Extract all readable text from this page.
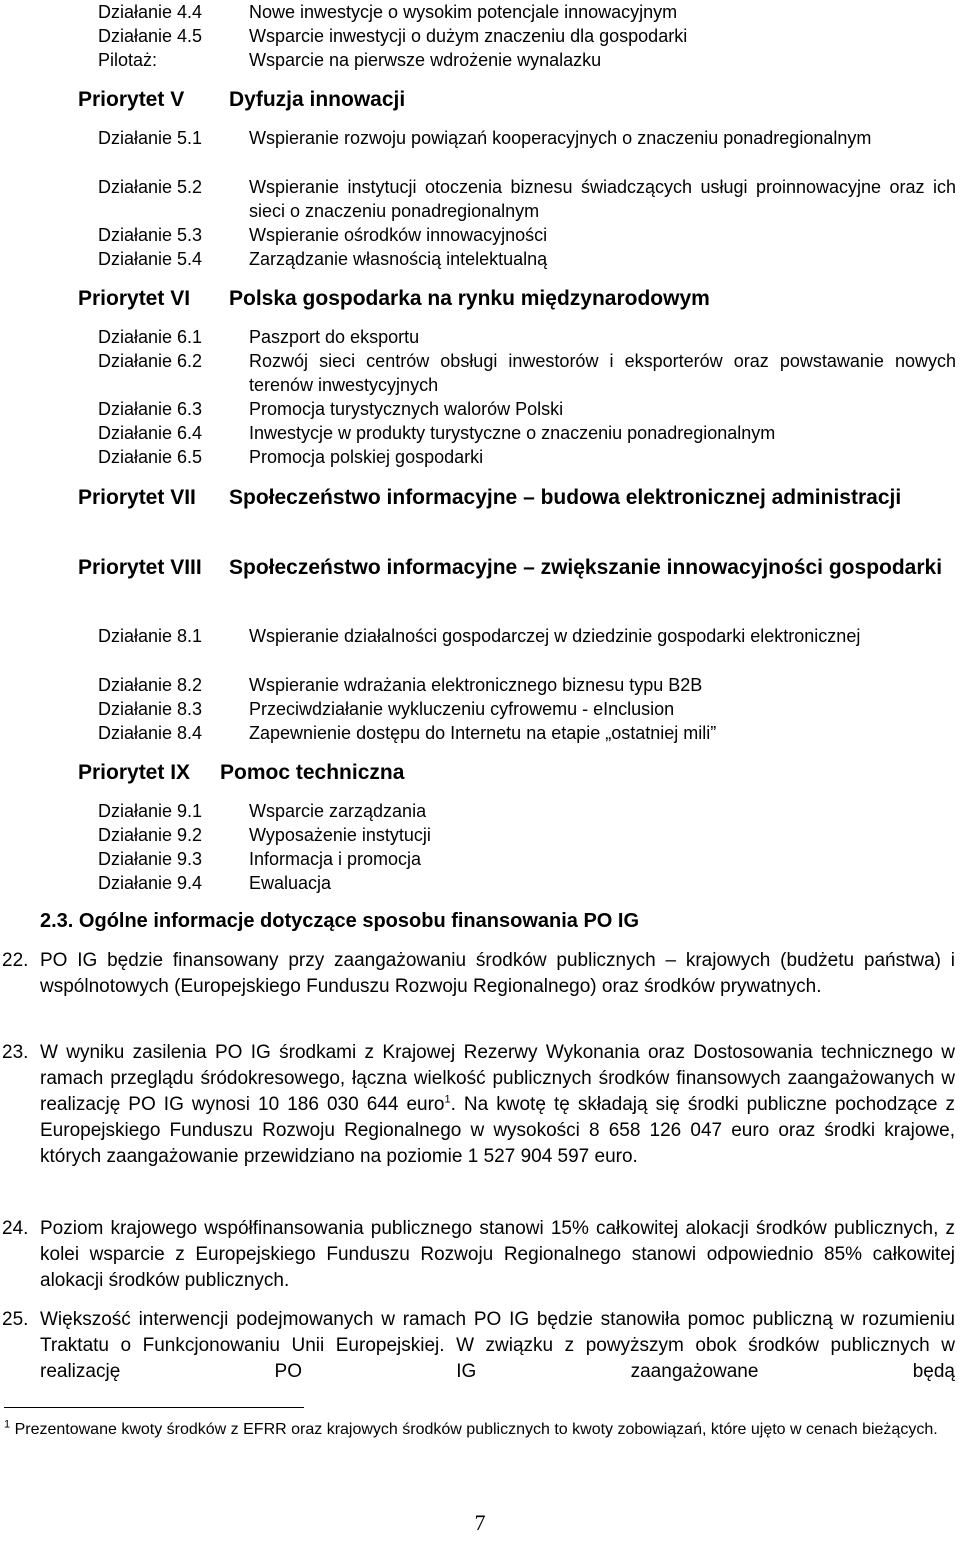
Działanie 4.4	Nowe inwestycje o wysokim potencjale innowacyjnym
Działanie 4.5	Wsparcie inwestycji o dużym znaczeniu dla gospodarki
Pilotaż:	Wsparcie na pierwsze wdrożenie wynalazku
Priorytet V Dyfuzja innowacji
Działanie 5.1	Wspieranie rozwoju powiązań kooperacyjnych o znaczeniu ponadregionalnym
Działanie 5.2	Wspieranie instytucji otoczenia biznesu świadczących usługi proinnowacyjne oraz ich sieci o znaczeniu ponadregionalnym
Działanie 5.3	Wspieranie ośrodków innowacyjności
Działanie 5.4	Zarządzanie własnością intelektualną
Priorytet VI Polska gospodarka na rynku międzynarodowym
Działanie 6.1	Paszport do eksportu
Działanie 6.2	Rozwój sieci centrów obsługi inwestorów i eksporterów oraz powstawanie nowych terenów inwestycyjnych
Działanie 6.3	Promocja turystycznych walorów Polski
Działanie 6.4	Inwestycje w produkty turystyczne o znaczeniu ponadregionalnym
Działanie 6.5	Promocja polskiej gospodarki
Priorytet VII Społeczeństwo informacyjne – budowa elektronicznej administracji
Priorytet VIII Społeczeństwo informacyjne – zwiększanie innowacyjności gospodarki
Działanie 8.1	Wspieranie działalności gospodarczej w dziedzinie gospodarki elektronicznej
Działanie 8.2	Wspieranie wdrażania elektronicznego biznesu typu B2B
Działanie 8.3	Przeciwdziałanie wykluczeniu cyfrowemu - eInclusion
Działanie 8.4	Zapewnienie dostępu do Internetu na etapie „ostatniej mili”
Priorytet IX Pomoc techniczna
Działanie 9.1	Wsparcie zarządzania
Działanie 9.2	Wyposażenie instytucji
Działanie 9.3	Informacja i promocja
Działanie 9.4	Ewaluacja
2.3. Ogólne informacje dotyczące sposobu finansowania PO IG
22. PO IG będzie finansowany przy zaangażowaniu środków publicznych – krajowych (budżetu państwa) i wspólnotowych (Europejskiego Funduszu Rozwoju Regionalnego) oraz środków prywatnych.
23. W wyniku zasilenia PO IG środkami z Krajowej Rezerwy Wykonania oraz Dostosowania technicznego w ramach przeglądu śródokresowego, łączna wielkość publicznych środków finansowych zaangażowanych w realizację PO IG wynosi 10 186 030 644 euro$^1$. Na kwotę tę składają się środki publiczne pochodzące z Europejskiego Funduszu Rozwoju Regionalnego w wysokości 8 658 126 047 euro oraz środki krajowe, których zaangażowanie przewidziano na poziomie 1 527 904 597 euro.
24. Poziom krajowego współfinansowania publicznego stanowi 15% całkowitej alokacji środków publicznych, z kolei wsparcie z Europejskiego Funduszu Rozwoju Regionalnego stanowi odpowiednio 85% całkowitej alokacji środków publicznych.
25. Większość interwencji podejmowanych w ramach PO IG będzie stanowiła pomoc publiczną w rozumieniu Traktatu o Funkcjonowaniu Unii Europejskiej. W związku z powyższym obok środków publicznych w realizację PO IG zaangażowane będą
$^1$ Prezentowane kwoty środków z EFRR oraz krajowych środków publicznych to kwoty zobowiązań, które ujęto w cenach bieżących.
7
